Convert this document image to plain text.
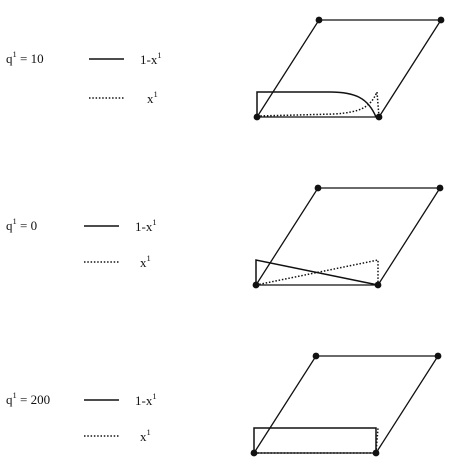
$q^1 = 10$	$1-x^1$
$x^1$
$q^1 = 0$	$1-x^1$
$x^1$
$q^1 = 200$	$1-x^1$
$x^1$
